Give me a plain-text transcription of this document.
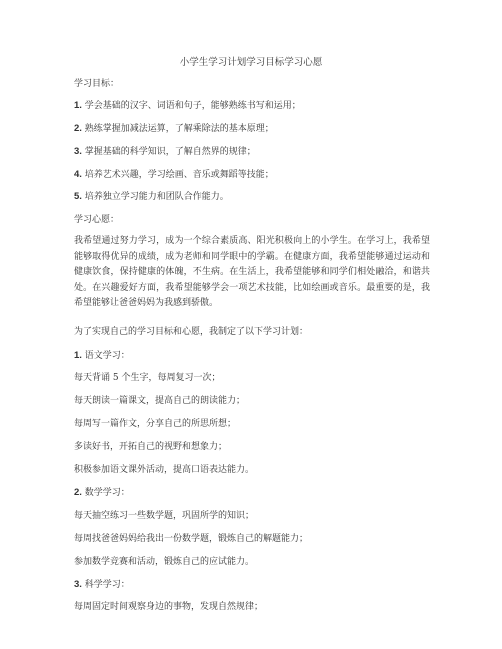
小学生学习计划学习目标学习心愿
学习目标：
1. 学会基础的汉字、词语和句子，能够熟练书写和运用；
2. 熟练掌握加减法运算，了解乘除法的基本原理；
3. 掌握基础的科学知识，了解自然界的规律；
4. 培养艺术兴趣，学习绘画、音乐或舞蹈等技能；
5. 培养独立学习能力和团队合作能力。
学习心愿：
我希望通过努力学习，成为一个综合素质高、阳光积极向上的小学生。在学习上，我希望能够取得优异的成绩，成为老师和同学眼中的学霸。在健康方面，我希望能够通过运动和健康饮食，保持健康的体魄，不生病。在生活上，我希望能够和同学们相处融洽，和谐共处。在兴趣爱好方面，我希望能够学会一项艺术技能，比如绘画或音乐。最重要的是，我希望能够让爸爸妈妈为我感到骄傲。
为了实现自己的学习目标和心愿，我制定了以下学习计划：
1. 语文学习：
每天背诵 5 个生字，每周复习一次；
每天朗读一篇课文，提高自己的朗读能力；
每周写一篇作文，分享自己的所思所想；
多读好书，开拓自己的视野和想象力；
积极参加语文课外活动，提高口语表达能力。
2. 数学学习：
每天抽空练习一些数学题，巩固所学的知识；
每周找爸爸妈妈给我出一份数学题，锻炼自己的解题能力；
参加数学竞赛和活动，锻炼自己的应试能力。
3. 科学学习：
每周固定时间观察身边的事物，发现自然规律；
